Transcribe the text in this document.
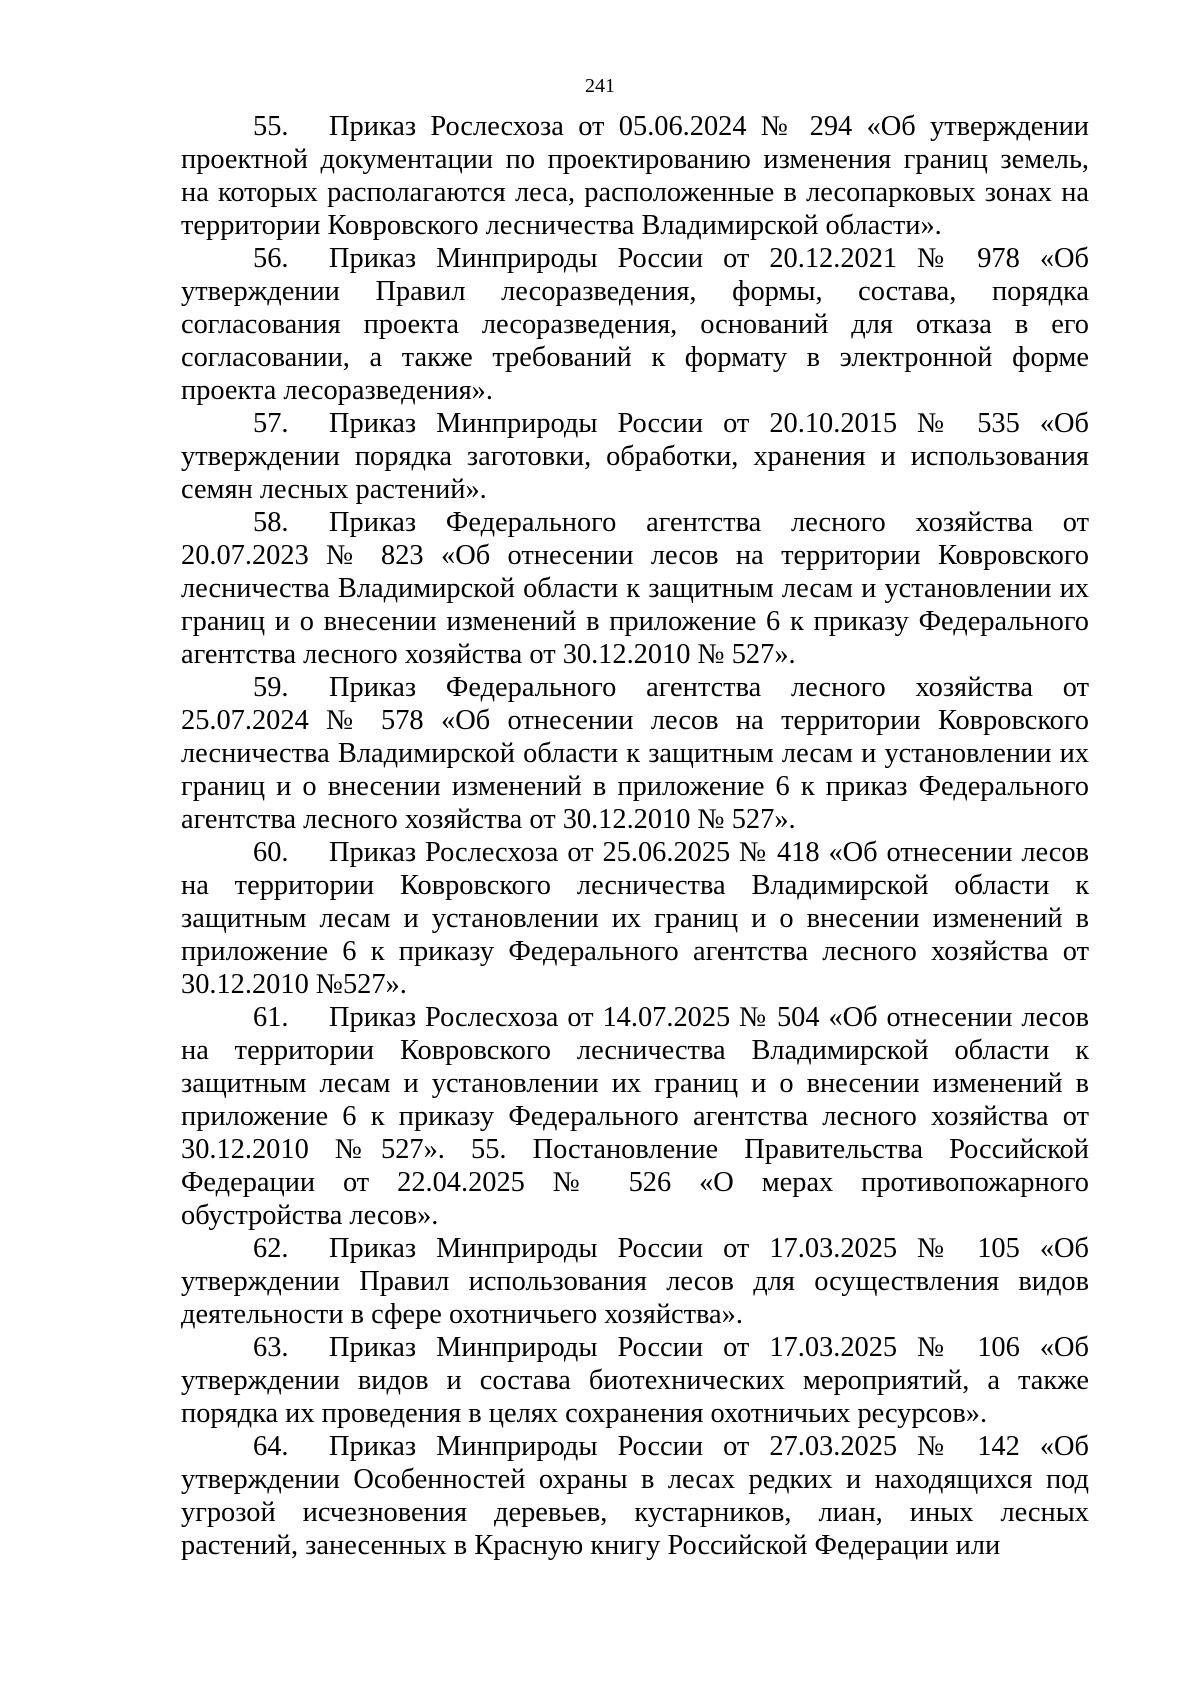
241

55. Приказ Рослесхоза от 05.06.2024 № 294 «Об утверждении проектной документации по проектированию изменения границ земель, на которых располагаются леса, расположенные в лесопарковых зонах на территории Ковровского лесничества Владимирской области».

56. Приказ Минприроды России от 20.12.2021 № 978 «Об утверждении Правил лесоразведения, формы, состава, порядка согласования проекта лесоразведения, оснований для отказа в его согласовании, а также требований к формату в электронной форме проекта лесоразведения».

57. Приказ Минприроды России от 20.10.2015 № 535 «Об утверждении порядка заготовки, обработки, хранения и использования семян лесных растений».

58. Приказ Федерального агентства лесного хозяйства от 20.07.2023 № 823 «Об отнесении лесов на территории Ковровского лесничества Владимирской области к защитным лесам и установлении их границ и о внесении изменений в приложение 6 к приказу Федерального агентства лесного хозяйства от 30.12.2010 № 527».

59. Приказ Федерального агентства лесного хозяйства от 25.07.2024 № 578 «Об отнесении лесов на территории Ковровского лесничества Владимирской области к защитным лесам и установлении их границ и о внесении изменений в приложение 6 к приказ Федерального агентства лесного хозяйства от 30.12.2010 № 527».

60. Приказ Рослесхоза от 25.06.2025 № 418 «Об отнесении лесов на территории Ковровского лесничества Владимирской области к защитным лесам и установлении их границ и о внесении изменений в приложение 6 к приказу Федерального агентства лесного хозяйства от 30.12.2010 №527».

61. Приказ Рослесхоза от 14.07.2025 № 504 «Об отнесении лесов на территории Ковровского лесничества Владимирской области к защитным лесам и установлении их границ и о внесении изменений в приложение 6 к приказу Федерального агентства лесного хозяйства от 30.12.2010 №527». 55. Постановление Правительства Российской Федерации от 22.04.2025 № 526 «О мерах противопожарного обустройства лесов».

62. Приказ Минприроды России от 17.03.2025 № 105 «Об утверждении Правил использования лесов для осуществления видов деятельности в сфере охотничьего хозяйства».

63. Приказ Минприроды России от 17.03.2025 № 106 «Об утверждении видов и состава биотехнических мероприятий, а также порядка их проведения в целях сохранения охотничьих ресурсов».

64. Приказ Минприроды России от 27.03.2025 № 142 «Об утверждении Особенностей охраны в лесах редких и находящихся под угрозой исчезновения деревьев, кустарников, лиан, иных лесных растений, занесенных в Красную книгу Российской Федерации или
